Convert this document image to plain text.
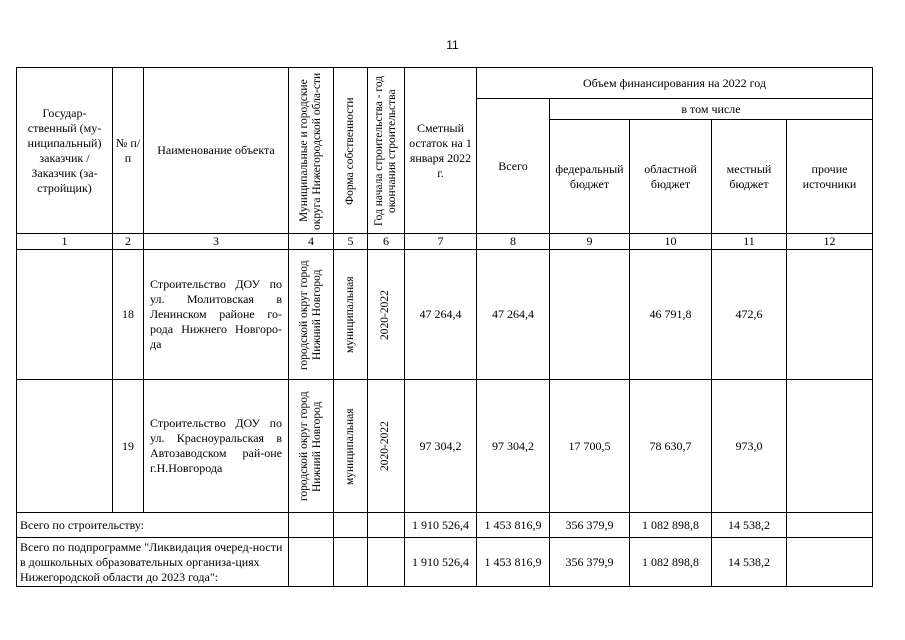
11
Государ-ственный (му-ниципальный) заказчик / Заказчик (за-стройщик)	№ п/п	Наименование объекта	Муниципальные и городские округа Нижегородской обла-сти	Форма собственности	Год начала строительства - год окончания строительства	Сметный остаток на 1 января 2022 г.	Объем финансирования на 2022 год				
							Всего	в том числе			
								федеральный бюджет	областной бюджет	местный бюджет	прочие источники
1	2	3	4	5	6	7	8	9	10	11	12
	18	Строительство ДОУ по ул. Молитовская в Ленинском районе го-рода Нижнего Новгоро-да	городской округ город Нижний Новгород	муниципальная	2020-2022	47 264,4	47 264,4		46 791,8	472,6	
	19	Строительство ДОУ по ул. Красноуральская в Автозаводском рай-оне г.Н.Новгорода	городской округ город Нижний Новгород	муниципальная	2020-2022	97 304,2	97 304,2	17 700,5	78 630,7	973,0	
Всего по строительству:						1 910 526,4	1 453 816,9	356 379,9	1 082 898,8	14 538,2	
Всего по подпрограмме "Ликвидация очеред-ности в дошкольных образовательных организа-циях Нижегородской области до 2023 года":						1 910 526,4	1 453 816,9	356 379,9	1 082 898,8	14 538,2	
